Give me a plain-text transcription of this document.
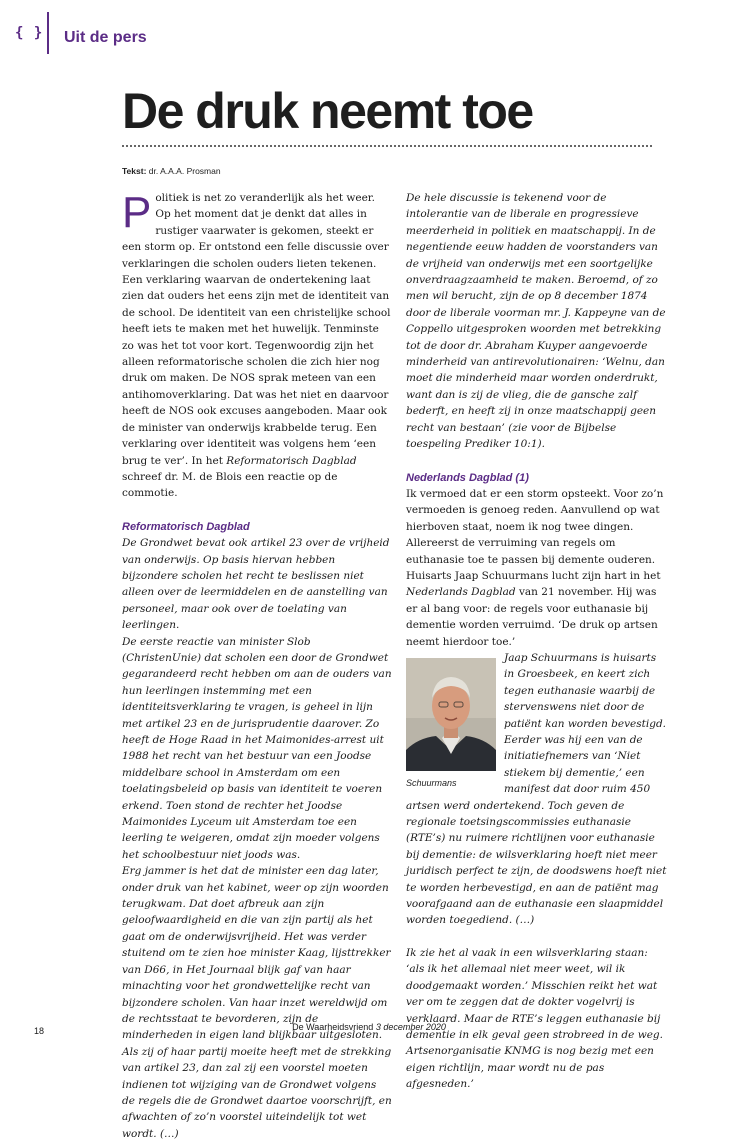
{ } Uit de pers
De druk neemt toe
Tekst: dr. A.A.A. Prosman

Politiek is net zo veranderlijk als het weer. Op het moment dat je denkt dat alles in rustiger vaarwater is gekomen, steekt er een storm op. Er ontstond een felle discussie over verklaringen die scholen ouders lieten tekenen. Een verklaring waarvan de ondertekening laat zien dat ouders het eens zijn met de identiteit van de school. De identiteit van een christelijke school heeft iets te maken met het huwelijk. Tenminste zo was het tot voor kort. Tegenwoordig zijn het alleen reformatorische scholen die zich hier nog druk om maken. De NOS sprak meteen van een antihomoverklaring. Dat was het niet en daarvoor heeft de NOS ook excuses aangeboden. Maar ook de minister van onderwijs krabbelde terug. Een verklaring over identiteit was volgens hem ‘een brug te ver’. In het Reformatorisch Dagblad schreef dr. M. de Blois een reactie op de commotie.

Reformatorisch Dagblad

De Grondwet bevat ook artikel 23 over de vrijheid van onderwijs. Op basis hiervan hebben bijzondere scholen het recht te beslissen niet alleen over de leermiddelen en de aanstelling van personeel, maar ook over de toelating van leerlingen.

De eerste reactie van minister Slob (ChristenUnie) dat scholen een door de Grondwet gegarandeerd recht hebben om aan de ouders van hun leerlingen instemming met een identiteitsverklaring te vragen, is geheel in lijn met artikel 23 en de jurisprudentie daarover. Zo heeft de Hoge Raad in het Maimonides-arrest uit 1988 het recht van het bestuur van een Joodse middelbare school in Amsterdam om een toelatingsbeleid op basis van identiteit te voeren erkend. Toen stond de rechter het Joodse Maimonides Lyceum uit Amsterdam toe een leerling te weigeren, omdat zijn moeder volgens het schoolbestuur niet joods was.

Erg jammer is het dat de minister een dag later, onder druk van het kabinet, weer op zijn woorden terugkwam. Dat doet afbreuk aan zijn geloofwaardigheid en die van zijn partij als het gaat om de onderwijsvrijheid. Het was verder stuitend om te zien hoe minister Kaag, lijsttrekker van D66, in Het Journaal blijk gaf van haar minachting voor het grondwettelijke recht van bijzondere scholen. Van haar inzet wereldwijd om de rechtsstaat te bevorderen, zijn de minderheden in eigen land blijkbaar uitgesloten. Als zij of haar partij moeite heeft met de strekking van artikel 23, dan zal zij een voorstel moeten indienen tot wijziging van de Grondwet volgens de regels die de Grondwet daartoe voorschrijft, en afwachten of zo’n voorstel uiteindelijk tot wet wordt. (…)

De hele discussie is tekenend voor de intolerantie van de liberale en progressieve meerderheid in politiek en maatschappij. In de negentiende eeuw hadden de voorstanders van de vrijheid van onderwijs met een soortgelijke onverdraagzaamheid te maken. Beroemd, of zo men wil berucht, zijn de op 8 december 1874 door de liberale voorman mr. J. Kappeyne van de Coppello uitgesproken woorden met betrekking tot de door dr. Abraham Kuyper aangevoerde minderheid van antirevolutionairen: ‘Welnu, dan moet die minderheid maar worden onderdrukt, want dan is zij de vlieg, die de gansche zalf bederft, en heeft zij in onze maatschappij geen recht van bestaan’ (zie voor de Bijbelse toespeling Prediker 10:1).

Nederlands Dagblad (1)

Ik vermoed dat er een storm opsteekt. Voor zo’n vermoeden is genoeg reden. Aanvullend op wat hierboven staat, noem ik nog twee dingen. Allereerst de verruiming van regels om euthanasie toe te passen bij demente ouderen. Huisarts Jaap Schuurmans lucht zijn hart in het Nederlands Dagblad van 21 november. Hij was er al bang voor: de regels voor euthanasie bij dementie worden verruimd. ‘De druk op artsen neemt hierdoor toe.’

Schuurmans

Jaap Schuurmans is huisarts in Groesbeek, en keert zich tegen euthanasie waarbij de stervenswens niet door de patiënt kan worden bevestigd. Eerder was hij een van de initiatiefnemers van ‘Niet stiekem bij dementie,’ een manifest dat door ruim 450 artsen werd ondertekend. Toch geven de regionale toetsingscommissies euthanasie (RTE’s) nu ruimere richtlijnen voor euthanasie bij dementie: de wilsverklaring hoeft niet meer juridisch perfect te zijn, de doodswens hoeft niet te worden herbevestigd, en aan de patiënt mag voorafgaand aan de euthanasie een slaapmiddel worden toegediend. (…)

Ik zie het al vaak in een wilsverklaring staan: ‘als ik het allemaal niet meer weet, wil ik doodgemaakt worden.’ Misschien reikt het wat ver om te zeggen dat de dokter vogelvrij is verklaard. Maar de RTE’s leggen euthanasie bij dementie in elk geval geen strobreed in de weg. Artsenorganisatie KNMG is nog bezig met een eigen richtlijn, maar wordt nu de pas afgesneden.’

18	De Waarheidsvriend 3 december 2020
